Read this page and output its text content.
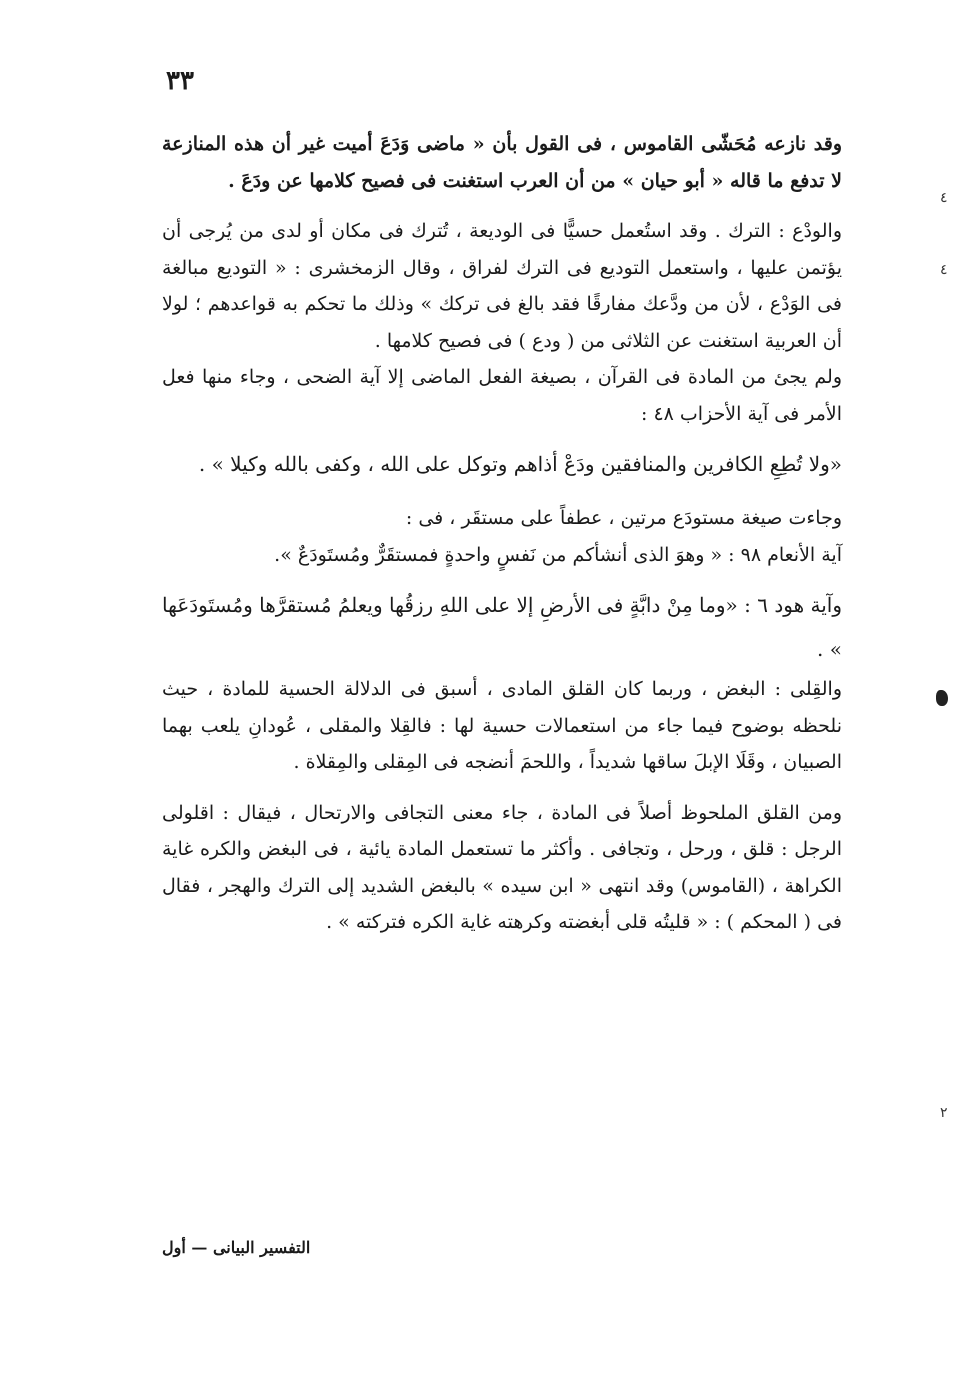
٣٣

وقد نازعه مُحَشّى القاموس ، فى القول بأن « ماضى وَدَعَ أميت غير أن هذه المنازعة لا تدفع ما قاله « أبو حيان » من أن العرب استغنت فى فصيح كلامها عن ودَعَ .

والودْع : الترك . وقد استُعمل حسيًّا فى الوديعة ، تُترك فى مكان أو لدى من يُرجى أن يؤتمن عليها ، واستعمل التوديع فى الترك لفراق ، وقال الزمخشرى : « التوديع مبالغة فى الوَدْع ، لأن من ودَّعك مفارقًا فقد بالغ فى تركك » وذلك ما تحكم به قواعدهم ؛ لولا أن العربية استغنت عن الثلاثى من ( ودع ) فى فصيح كلامها .

ولم يجئ من المادة فى القرآن ، بصيغة الفعل الماضى إلا آية الضحى ، وجاء منها فعل الأمر فى آية الأحزاب ٤٨ :

«ولا تُطِعِ الكافرين والمنافقين ودَعْ أذاهم وتوكل على الله ، وكفى بالله وكيلا » .

وجاءت صيغة مستودَع مرتين ، عطفاً على مستقَر ، فى :

آية الأنعام ٩٨ : « وهوَ الذى أنشأكم من نَفسٍ واحدةٍ فمستقَرٌّ ومُستَودَعٌ ».

وآية هود ٦ : «وما مِنْ دابَّةٍ فى الأرضِ إلا على اللهِ رزقُها ويعلمُ مُستقرَّها ومُستَودَعَها » .

والقِلى : البغض ، وربما كان القلق المادى ، أسبق فى الدلالة الحسية للمادة ، حيث نلحظه بوضوح فيما جاء من استعمالات حسية لها : فالقِلا والمقلى ، عُودانِ يلعب بهما الصبيان ، وقَلَا الإبلَ ساقها شديداً ، واللحمَ أنضجه فى المِقلى والمِقلاة .

ومن القلق الملحوظ أصلاً فى المادة ، جاء معنى التجافى والارتحال ، فيقال : اقلولى الرجل : قلق ، ورحل ، وتجافى . وأكثر ما تستعمل المادة يائية ، فى البغض والكره غاية الكراهة ، (القاموس) وقد انتهى « ابن سيده » بالبغض الشديد إلى الترك والهجر ، فقال فى ( المحكم ) : « قليتُه قلى أبغضته وكرهته غاية الكره فتركته » .

التفسير البيانى — أول
٤
٤
٢
